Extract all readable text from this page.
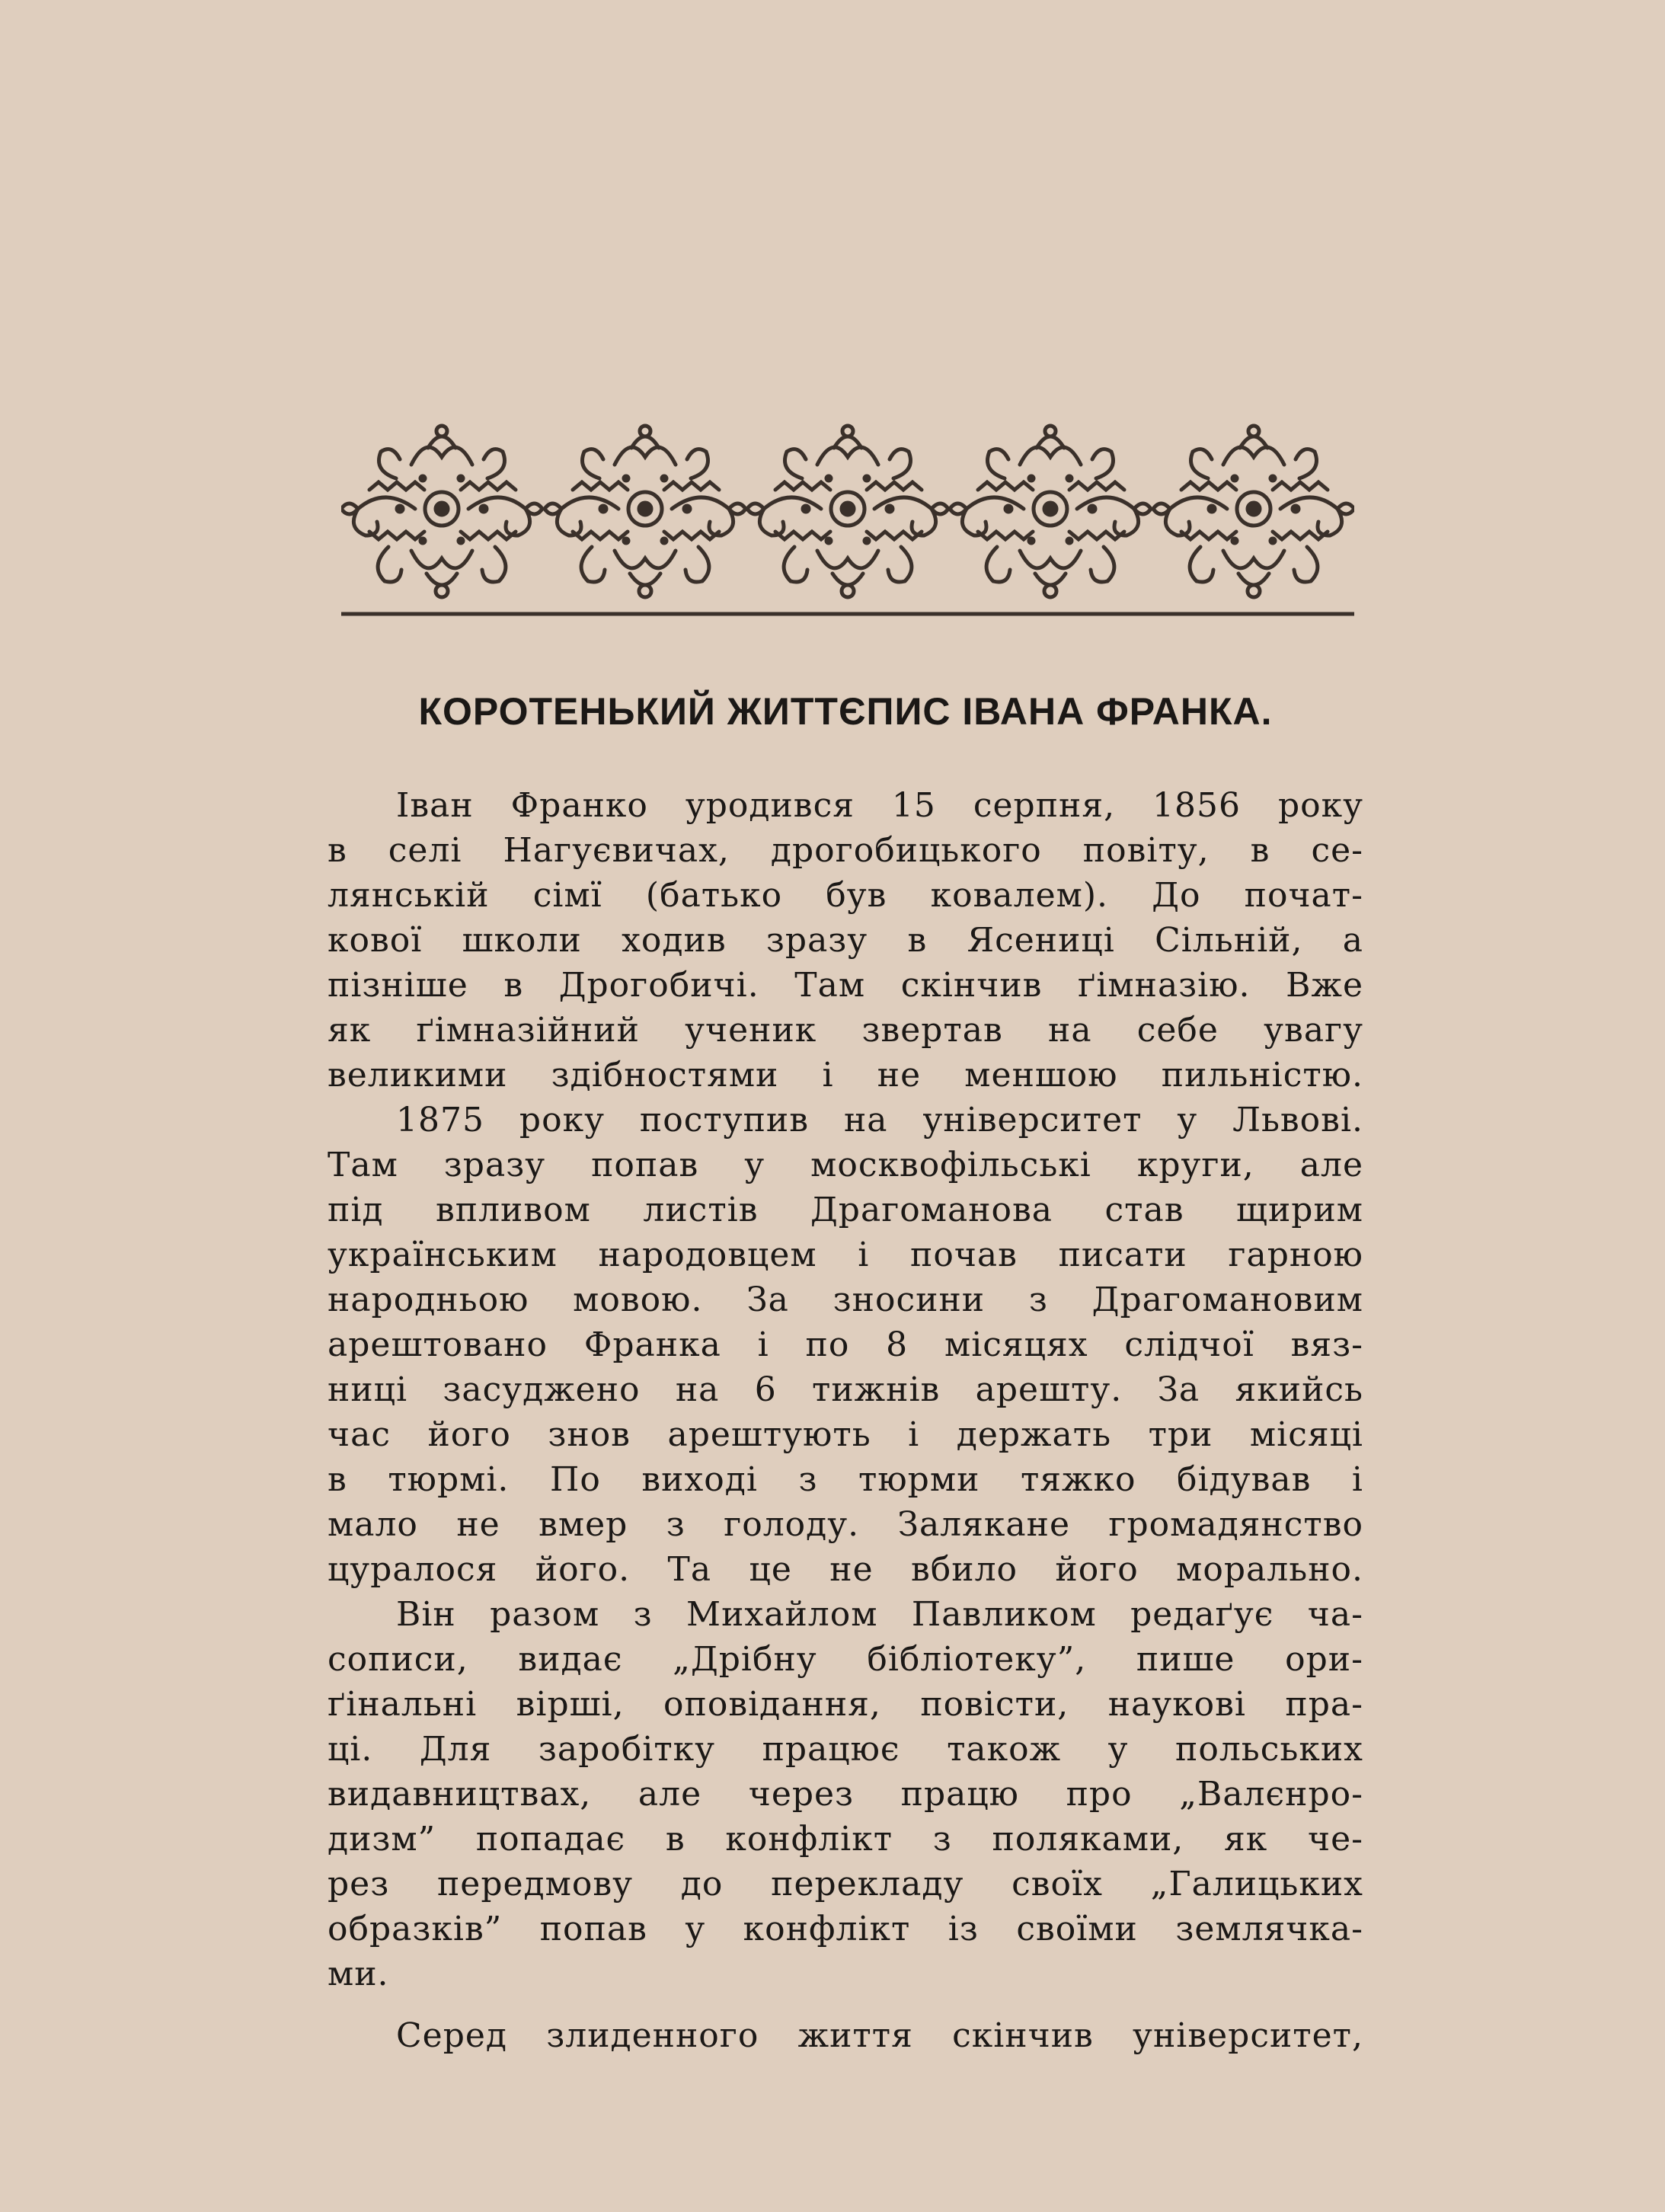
КОРОТЕНЬКИЙ ЖИТТЄПИС ІВАНА ФРАНКА.
Іван Франко уродився 15 серпня, 1856 року
в селі Нагуєвичах, дрогобицького повіту, в се-
лянській сімї (батько був ковалем). До почат-
кової школи ходив зразу в Ясениці Сільній, а
пізніше в Дрогобичі. Там скінчив ґімназію. Вже
як ґімназійний ученик звертав на себе увагу
великими здібностями і не меншою пильністю.
1875 року поступив на університет у Львові.
Там зразу попав у москвофільські круги, але
під впливом листів Драгоманова став щирим
українським народовцем і почав писати гарною
народньою мовою. За зносини з Драгомановим
арештовано Франка і по 8 місяцях слідчої вяз-
ниці засуджено на 6 тижнів арешту. За якийсь
час його знов арештують і держать три місяці
в тюрмі. По виході з тюрми тяжко бідував і
мало не вмер з голоду. Залякане громадянство
цуралося його. Та це не вбило його морально.
Він разом з Михайлом Павликом редаґує ча-
сописи, видає „Дрібну бібліотеку”, пише ори-
ґінальні вірші, оповідання, повісти, наукові пра-
ці. Для заробітку працює також у польських
видавництвах, але через працю про „Валєнро-
дизм” попадає в конфлікт з поляками, як че-
рез передмову до перекладу своїх „Галицьких
образків” попав у конфлікт із своїми землячка-
ми.
Серед злиденного життя скінчив університет,
